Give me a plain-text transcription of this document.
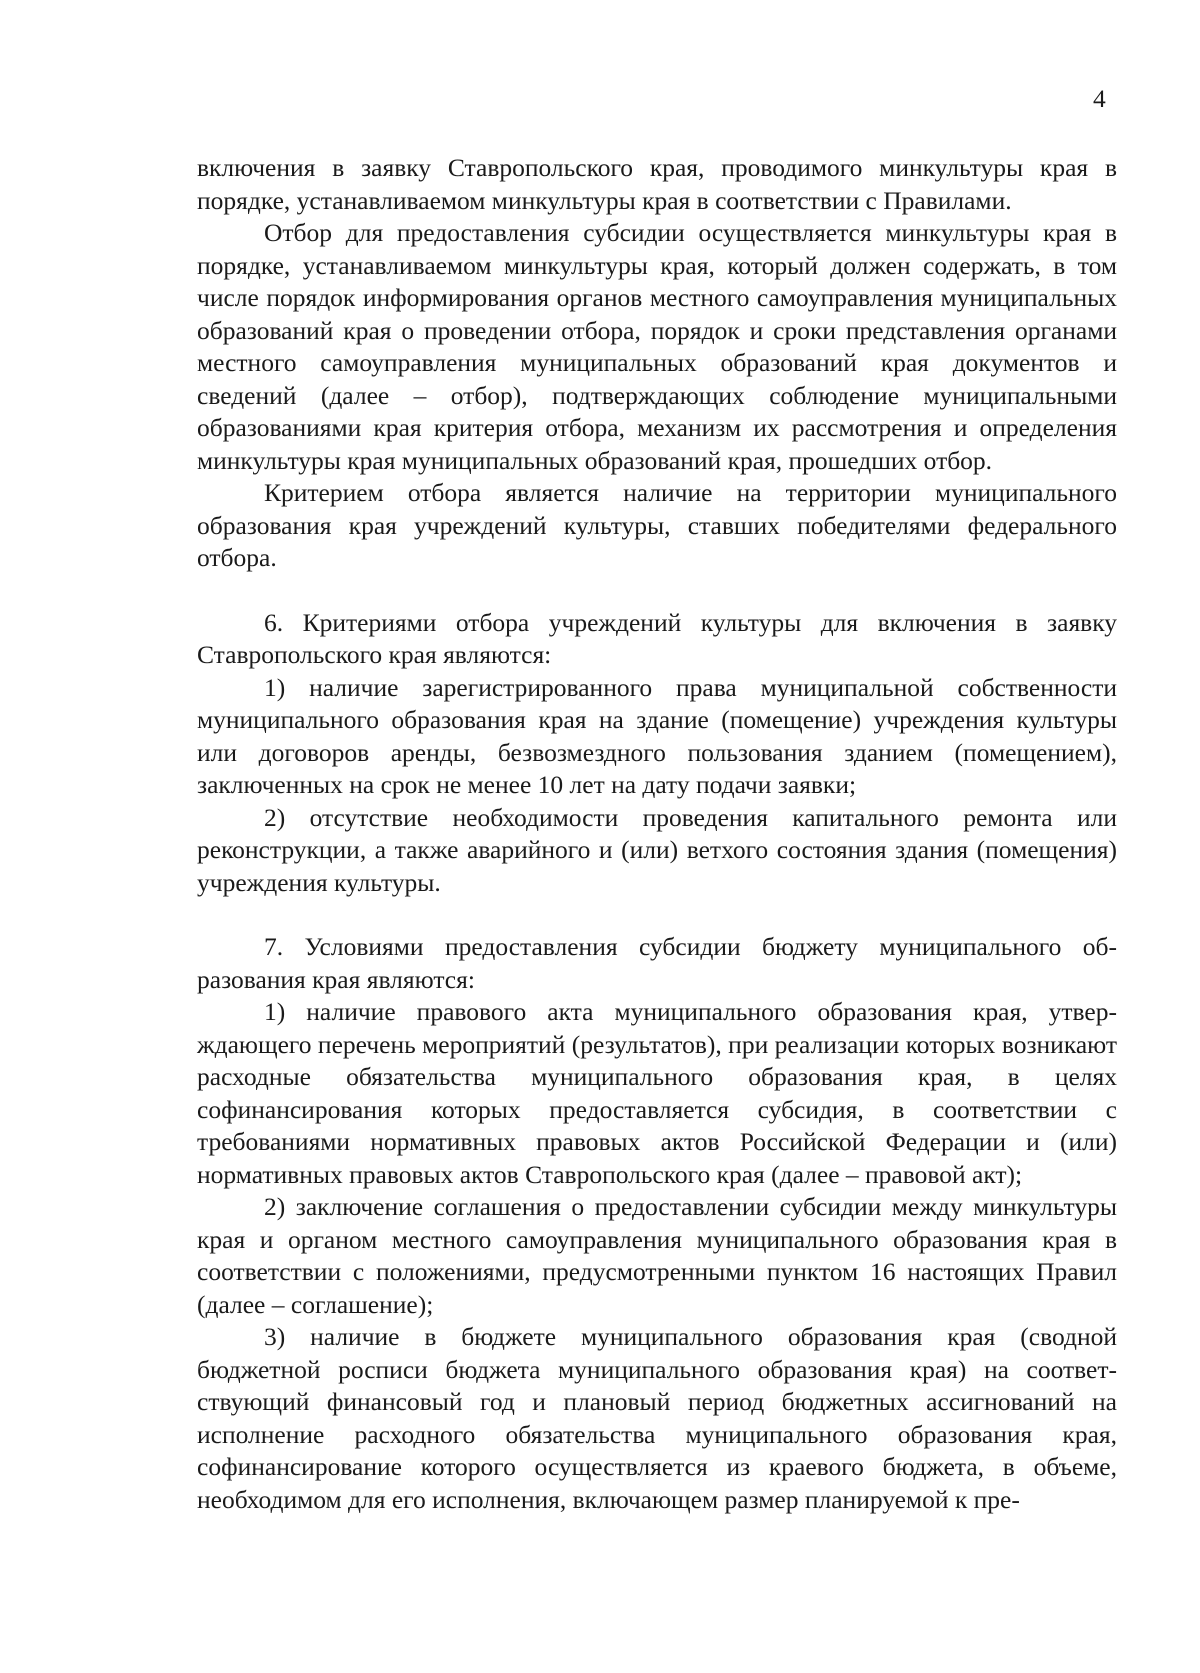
4

включения в заявку Ставропольского края, проводимого минкультуры края в порядке, устанавливаемом минкультуры края в соответствии с Правилами.

Отбор для предоставления субсидии осуществляется минкультуры края в порядке, устанавливаемом минкультуры края, который должен содержать, в том числе порядок информирования органов местного самоуправления муниципальных образований края о проведении отбора, порядок и сроки представления органами местного самоуправления муниципальных образований края документов и сведений (далее – отбор), подтверждающих соблюдение муниципальными образованиями края критерия отбора, механизм их рассмотрения и определения минкультуры края муниципальных образований края, прошедших отбор.

Критерием отбора является наличие на территории муниципального образования края учреждений культуры, ставших победителями федерального отбора.

6. Критериями отбора учреждений культуры для включения в заявку Ставропольского края являются:

1) наличие зарегистрированного права муниципальной собственности муниципального образования края на здание (помещение) учреждения культуры или договоров аренды, безвозмездного пользования зданием (помещением), заключенных на срок не менее 10 лет на дату подачи заявки;

2) отсутствие необходимости проведения капитального ремонта или реконструкции, а также аварийного и (или) ветхого состояния здания (помещения) учреждения культуры.

7. Условиями предоставления субсидии бюджету муниципального образования края являются:

1) наличие правового акта муниципального образования края, утверждающего перечень мероприятий (результатов), при реализации которых возникают расходные обязательства муниципального образования края, в целях софинансирования которых предоставляется субсидия, в соответствии с требованиями нормативных правовых актов Российской Федерации и (или) нормативных правовых актов Ставропольского края (далее – правовой акт);

2) заключение соглашения о предоставлении субсидии между минкультуры края и органом местного самоуправления муниципального образования края в соответствии с положениями, предусмотренными пунктом 16 настоящих Правил (далее – соглашение);

3) наличие в бюджете муниципального образования края (сводной бюджетной росписи бюджета муниципального образования края) на соответствующий финансовый год и плановый период бюджетных ассигнований на исполнение расходного обязательства муниципального образования края, софинансирование которого осуществляется из краевого бюджета, в объеме, необходимом для его исполнения, включающем размер планируемой к пре-
